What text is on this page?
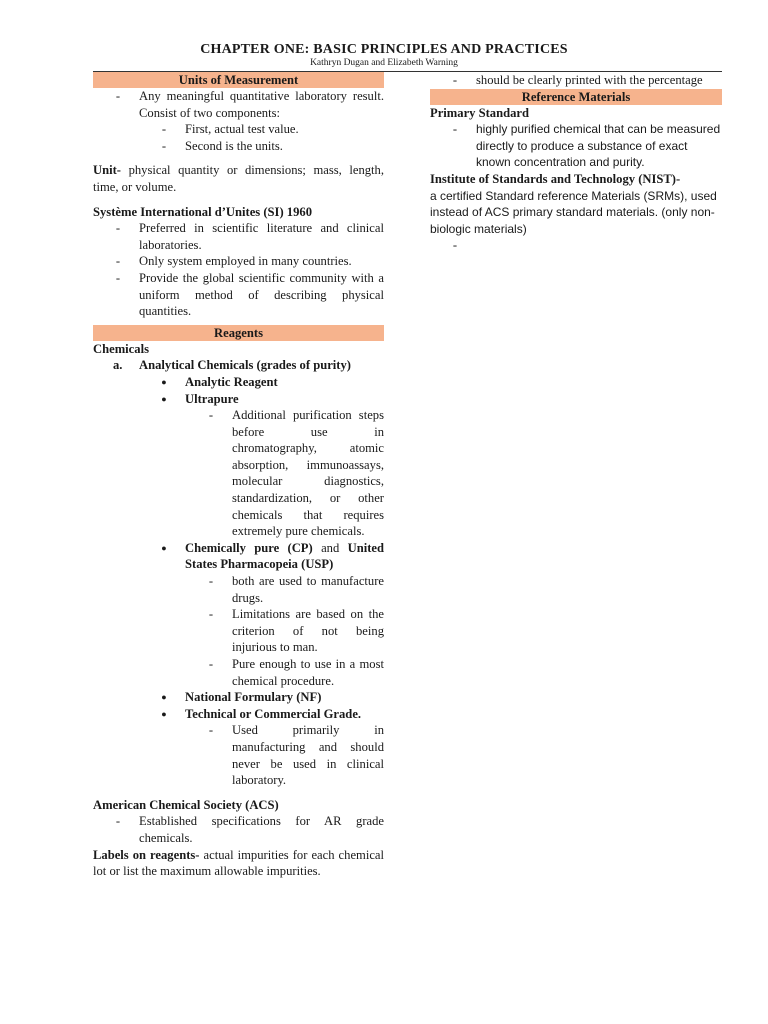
CHAPTER ONE: BASIC PRINCIPLES AND PRACTICES
Kathryn Dugan and Elizabeth Warning
Units of Measurement
- Any meaningful quantitative laboratory result. Consist of two components:
- First, actual test value.
- Second is the units.
Unit- physical quantity or dimensions; mass, length, time, or volume.
Système International d’Unites (SI) 1960
- Preferred in scientific literature and clinical laboratories.
- Only system employed in many countries.
- Provide the global scientific community with a uniform method of describing physical quantities.
Reagents
Chemicals
a.	Analytical Chemicals (grades of purity)
● Analytic Reagent
● Ultrapure
- Additional purification steps before use in chromatography, atomic absorption, immunoassays, molecular diagnostics, standardization, or other chemicals that requires extremely pure chemicals.
● Chemically pure (CP) and United States Pharmacopeia (USP)
- both are used to manufacture drugs.
- Limitations are based on the criterion of not being injurious to man.
- Pure enough to use in a most chemical procedure.
● National Formulary (NF)
● Technical or Commercial Grade.
- Used primarily in manufacturing and should never be used in clinical laboratory.
American Chemical Society (ACS)
- Established specifications for AR grade chemicals.
Labels on reagents- actual impurities for each chemical lot or list the maximum allowable impurities.
- should be clearly printed with the percentage
Reference Materials
Primary Standard
- highly purified chemical that can be measured directly to produce a substance of exact known concentration and purity.
Institute of Standards and Technology (NIST)-
a certified Standard reference Materials (SRMs), used instead of ACS primary standard materials. (only non-biologic materials)
-
